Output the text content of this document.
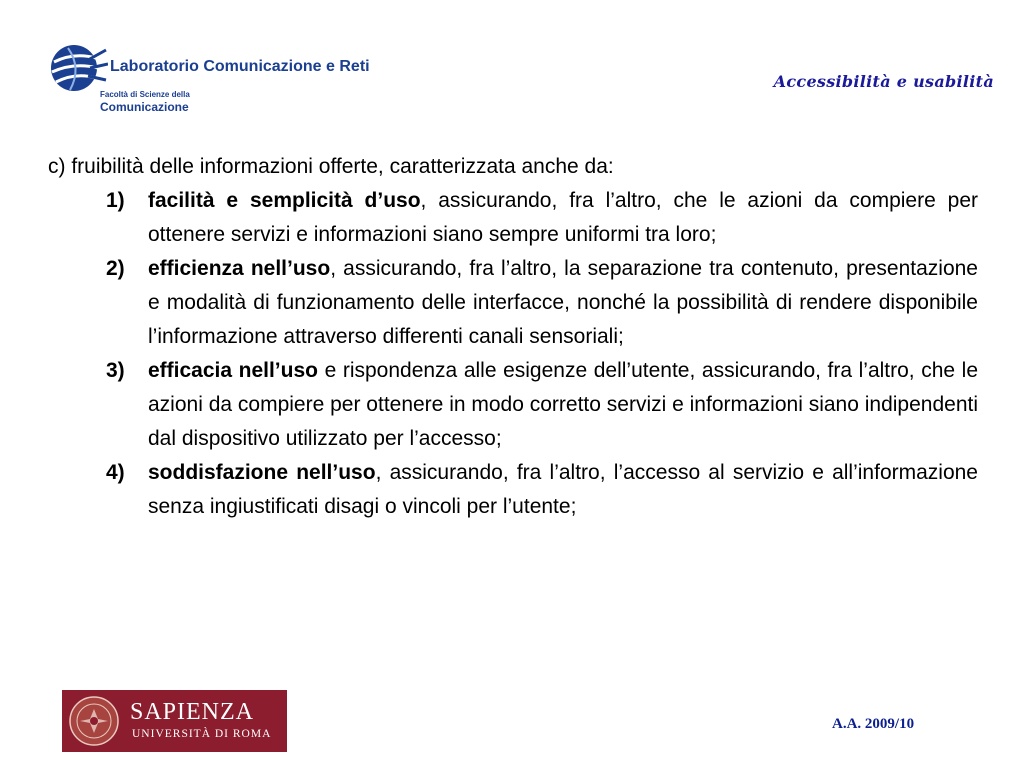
Laboratorio Comunicazione e Reti
Facoltà di Scienze della
Comunicazione
Accessibilità e usabilità

c) fruibilità delle informazioni offerte, caratterizzata anche da:

1) facilità e semplicità d’uso, assicurando, fra l’altro, che le azioni da compiere per ottenere servizi e informazioni siano sempre uniformi tra loro;
2) efficienza nell’uso, assicurando, fra l’altro, la separazione tra contenuto, presentazione e modalità di funzionamento delle interfacce, nonché la possibilità di rendere disponibile l’informazione attraverso differenti canali sensoriali;
3) efficacia nell’uso e rispondenza alle esigenze dell’utente, assicurando, fra l’altro, che le azioni da compiere per ottenere in modo corretto servizi e informazioni siano indipendenti dal dispositivo utilizzato per l’accesso;
4) soddisfazione nell’uso, assicurando, fra l’altro, l’accesso al servizio e all’informazione senza ingiustificati disagi o vincoli per l’utente;
SAPIENZA
UNIVERSITÀ DI ROMA
A.A. 2009/10
